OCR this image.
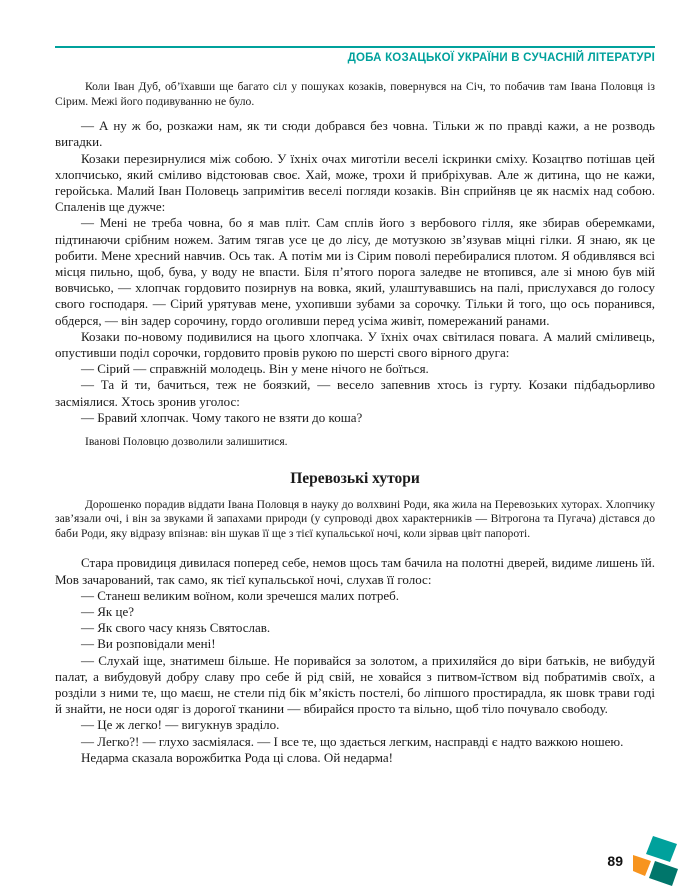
ДОБА КОЗАЦЬКОЇ УКРАЇНИ В СУЧАСНІЙ ЛІТЕРАТУРІ

Коли Іван Дуб, об’їхавши ще багато сіл у пошуках козаків, повернувся на Січ, то побачив там Івана Половця із Сірим. Межі його подивуванню не було.

— А ну ж бо, розкажи нам, як ти сюди добрався без човна. Тільки ж по правді кажи, а не розводь вигадки.

Козаки перезирнулися між собою. У їхніх очах миготіли веселі іскринки сміху. Козацтво потішав цей хлопчисько, який сміливо відстоював своє. Хай, може, трохи й прибріхував. Але ж дитина, що не кажи, геройська. Малий Іван Половець запримітив веселі погляди козаків. Він сприйняв це як насміх над собою. Спаленів ще дужче:

— Мені не треба човна, бо я мав пліт. Сам сплів його з вербового гілля, яке збирав оберемками, підтинаючи срібним ножем. Затим тягав усе це до лісу, де мотузкою зв’язував міцні гілки. Я знаю, як це робити. Мене хресний навчив. Ось так. А потім ми із Сірим поволі перебиралися плотом. Я обдивлявся всі місця пильно, щоб, бува, у воду не впасти. Біля п’ятого порога заледве не втопився, але зі мною був мій вовчисько, — хлопчак гордовито позирнув на вовка, який, улаштувавшись на палі, прислухався до голосу свого господаря. — Сірий урятував мене, ухопивши зубами за сорочку. Тільки й того, що ось поранився, обдерся, — він задер сорочину, гордо оголивши перед усіма живіт, помережаний ранами.

Козаки по-новому подивилися на цього хлопчака. У їхніх очах світилася повага. А малий сміливець, опустивши поділ сорочки, гордовито провів рукою по шерсті свого вірного друга:

— Сірий — справжній молодець. Він у мене нічого не боїться.

— Та й ти, бачиться, теж не боязкий, — весело запевнив хтось із гурту. Козаки підбадьорливо засміялися. Хтось зронив уголос:

— Бравий хлопчак. Чому такого не взяти до коша?

Іванові Половцю дозволили залишитися.

Перевозькі хутори

Дорошенко порадив віддати Івана Половця в науку до волхвині Роди, яка жила на Перевозьких хуторах. Хлопчику зав’язали очі, і він за звуками й запахами природи (у супроводі двох характерників — Вітрогона та Пугача) дістався до баби Роди, яку відразу впізнав: він шукав її ще з тієї купальської ночі, коли зірвав цвіт папороті.

Стара провидиця дивилася поперед себе, немов щось там бачила на полотні дверей, видиме лишень їй. Мов зачарований, так само, як тієї купальської ночі, слухав її голос:

— Станеш великим воїном, коли зречешся малих потреб.

— Як це?

— Як свого часу князь Святослав.

— Ви розповідали мені!

— Слухай іще, знатимеш більше. Не поривайся за золотом, а прихиляйся до віри батьків, не вибудуй палат, а вибудовуй добру славу про себе й рід свій, не ховайся з питвом-їством від побратимів своїх, а розділи з ними те, що маєш, не стели під бік м’якість постелі, бо ліпшого простирадла, як шовк трави годі й знайти, не носи одяг із дорогої тканини — вбирайся просто та вільно, щоб тіло почувало свободу.

— Це ж легко! — вигукнув зраділо.

— Легко?! — глухо засміялася. — І все те, що здається легким, насправді є надто важкою ношею.

Недарма сказала ворожбитка Рода ці слова. Ой недарма!

89
